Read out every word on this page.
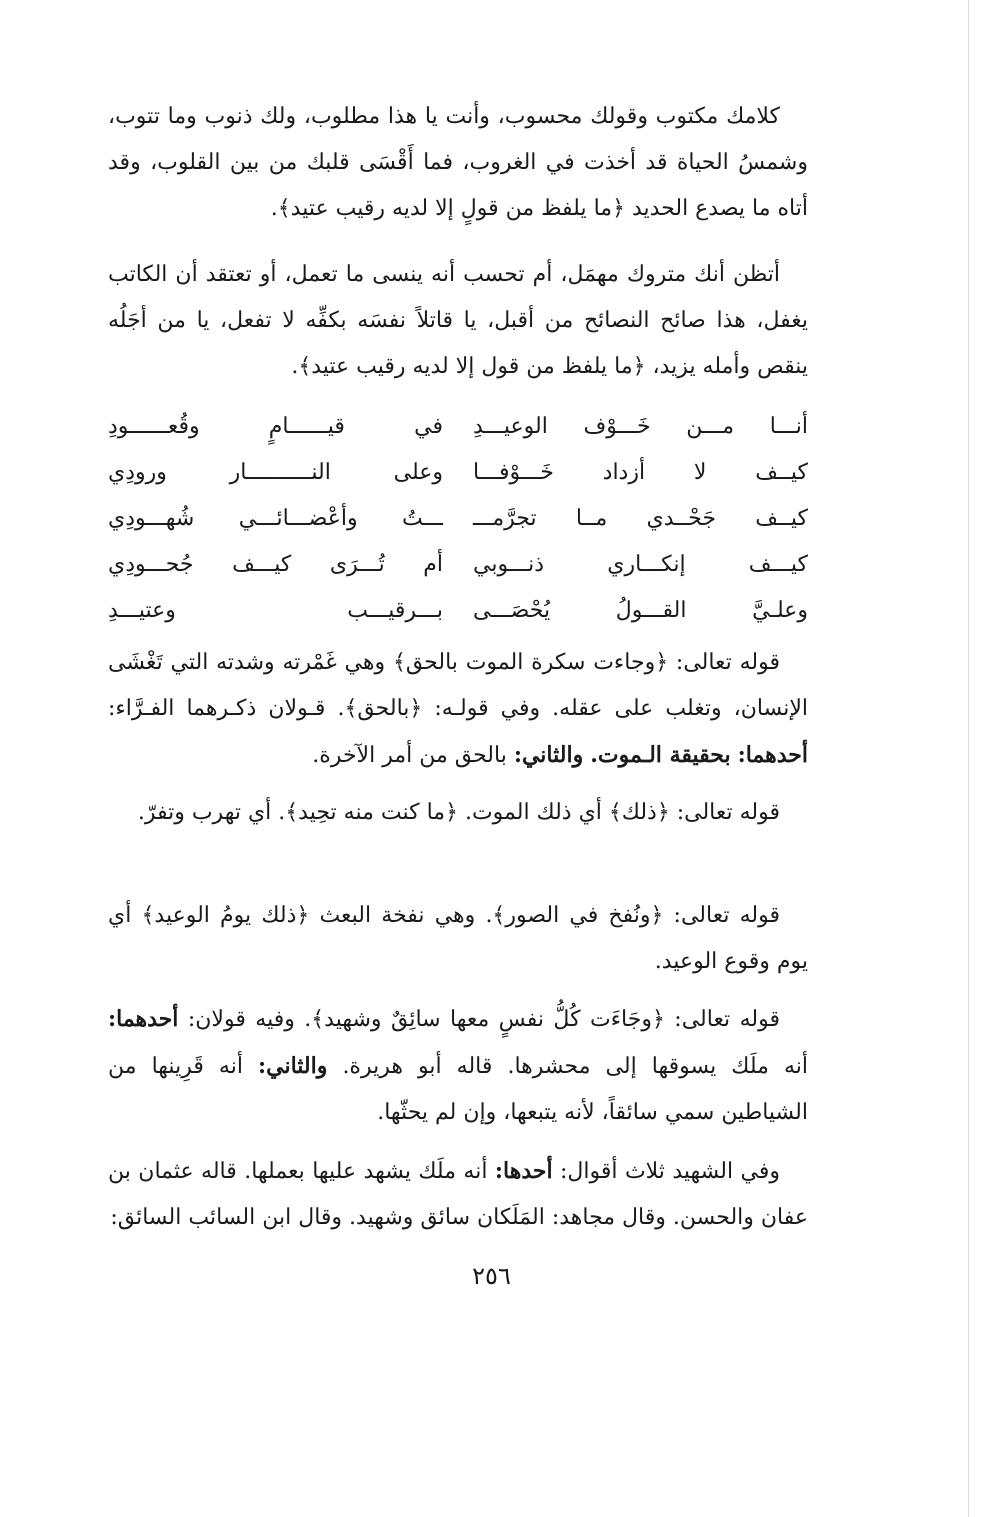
كلامك مكتوب وقولك محسوب، وأنت يا هذا مطلوب، ولك ذنوب وما تتوب، وشمسُ الحياة قد أخذت في الغروب، فما أَقْسَى قلبك من بين القلوب، وقد أتاه ما يصدع الحديد ﴿ما يلفظ من قولٍ إلا لديه رقيب عتيد﴾.

أتظن أنك متروك مهمَل، أم تحسب أنه ينسى ما تعمل، أو تعتقد أن الكاتب يغفل، هذا صائح النصائح من أقبل، يا قاتلاً نفسَه بكفِّه لا تفعل، يا من أجَلُه ينقص وأمله يزيد، ﴿ما يلفظ من قول إلا لديه رقيب عتيد﴾.

أنـــا مـــن خَـــوْف الوعيـــدِ
في قيــــــامٍ وقُعــــــودِ
كيــف لا أزداد خَـــوْفـــا
وعلى النــــــــــار ورودِي
كيــف جَحْــدي مــا تجرَّمـــ
ـــتُ وأعْضـــائـــي شُهـــودِي
كيـــف إنكـــاري ذنـــوبي
أم تُـــرَى كيـــف جُحـــودِي
وعلـيَّ القـــولُ يُحْصَـــى
بـــرقيـــب وعتيـــدِ

قوله تعالى: ﴿وجاءت سكرة الموت بالحق﴾ وهي غَمْرته وشدته التي تَغْشَى الإنسان، وتغلب على عقله. وفي قولـه: ﴿بالحق﴾. قـولان ذكـرهما الفـرَّاء: أحدهما: بحقيقة الـموت. والثاني: بالحق من أمر الآخرة.

قوله تعالى: ﴿ذلك﴾ أي ذلك الموت. ﴿ما كنت منه تحِيد﴾. أي تهرب وتفرّ.

قوله تعالى: ﴿ونُفخ في الصور﴾. وهي نفخة البعث ﴿ذلك يومُ الوعيد﴾ أي يوم وقوع الوعيد.

قوله تعالى: ﴿وجَاءَت كُلُّ نفسٍ معها سائِقٌ وشهيد﴾. وفيه قولان: أحدهما: أنه ملَك يسوقها إلى محشرها. قاله أبو هريرة. والثاني: أنه قَرِينها من الشياطين سمي سائقاً، لأنه يتبعها، وإن لم يحثّها.

وفي الشهيد ثلاث أقوال: أحدها: أنه ملَك يشهد عليها بعملها. قاله عثمان بن عفان والحسن. وقال مجاهد: المَلَكان سائق وشهيد. وقال ابن السائب السائق:

٢٥٦
